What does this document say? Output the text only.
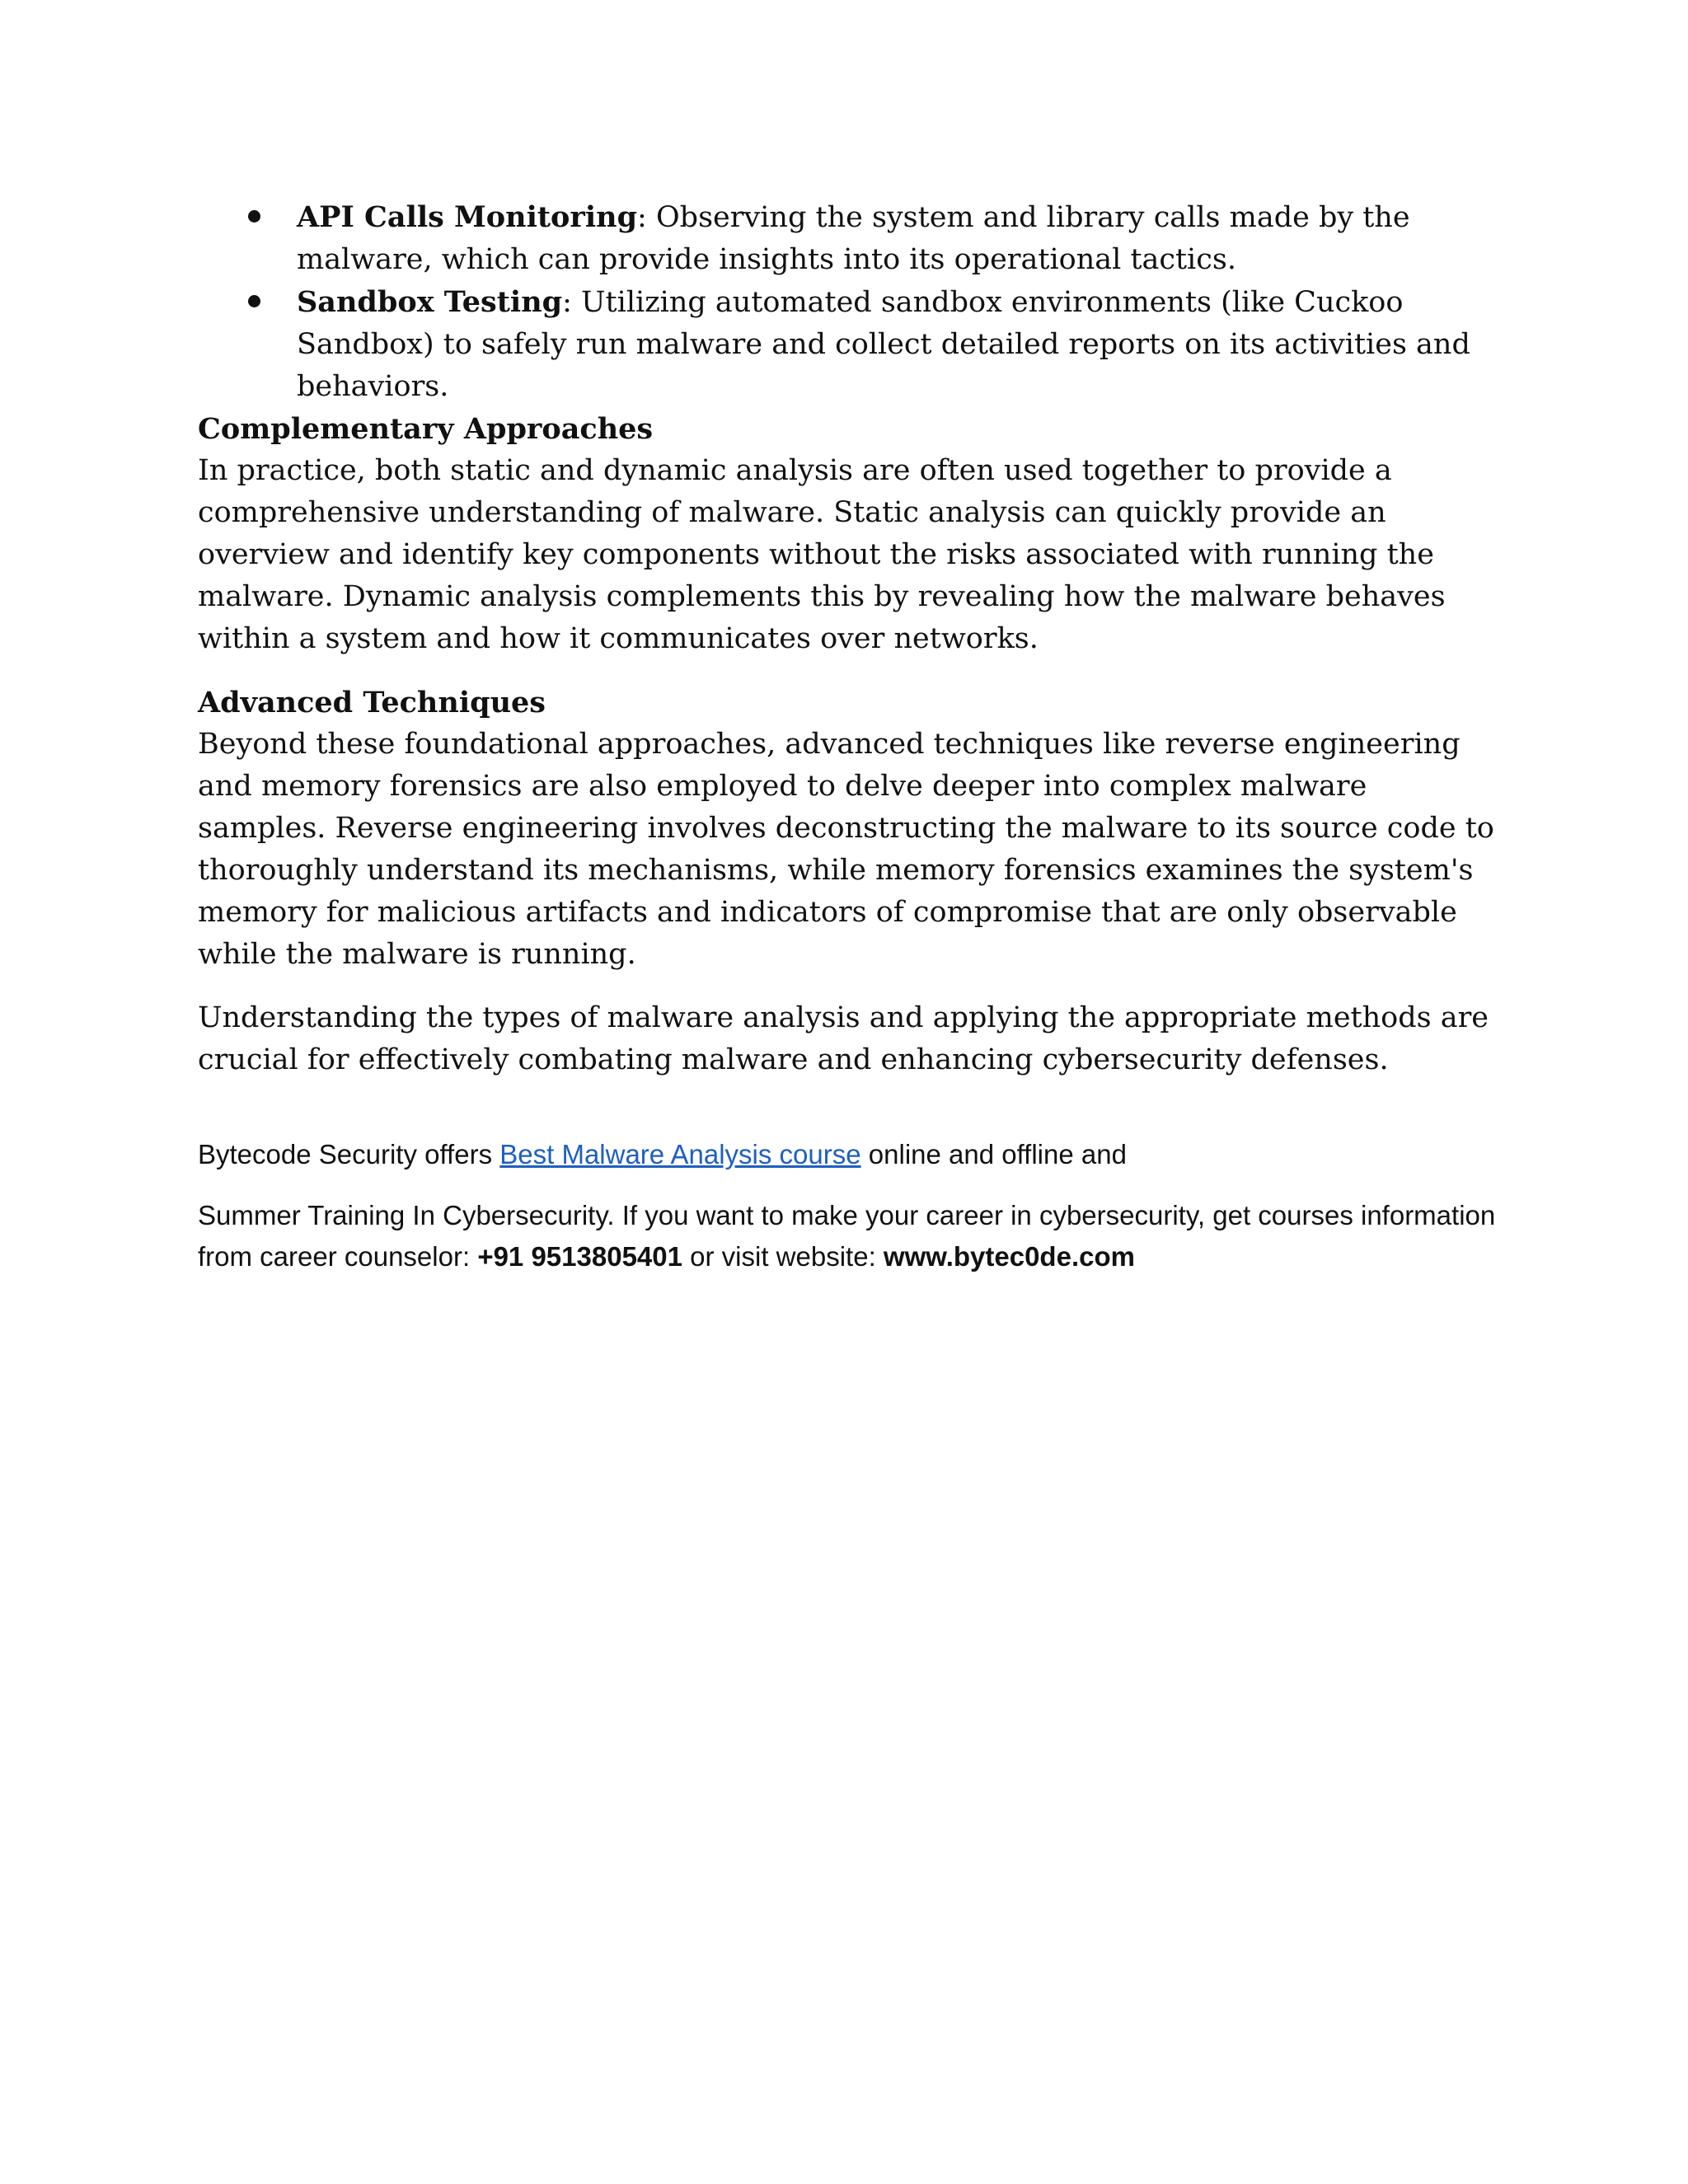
API Calls Monitoring: Observing the system and library calls made by the malware, which can provide insights into its operational tactics.
Sandbox Testing: Utilizing automated sandbox environments (like Cuckoo Sandbox) to safely run malware and collect detailed reports on its activities and behaviors.

Complementary Approaches

In practice, both static and dynamic analysis are often used together to provide a comprehensive understanding of malware. Static analysis can quickly provide an overview and identify key components without the risks associated with running the malware. Dynamic analysis complements this by revealing how the malware behaves within a system and how it communicates over networks.

Advanced Techniques

Beyond these foundational approaches, advanced techniques like reverse engineering and memory forensics are also employed to delve deeper into complex malware samples. Reverse engineering involves deconstructing the malware to its source code to thoroughly understand its mechanisms, while memory forensics examines the system's memory for malicious artifacts and indicators of compromise that are only observable while the malware is running.

Understanding the types of malware analysis and applying the appropriate methods are crucial for effectively combating malware and enhancing cybersecurity defenses.

Bytecode Security offers Best Malware Analysis course online and offline and

Summer Training In Cybersecurity. If you want to make your career in cybersecurity, get courses information from career counselor: +91 9513805401 or visit website: www.bytec0de.com
